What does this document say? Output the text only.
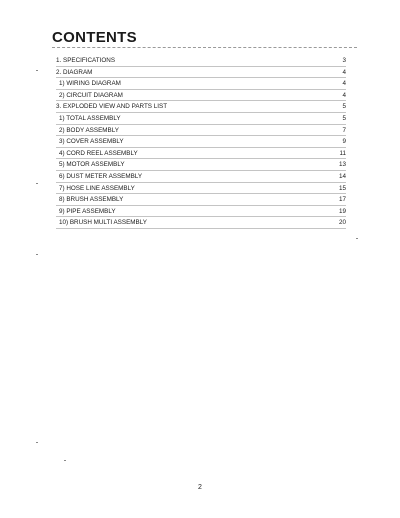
CONTENTS
1. SPECIFICATIONS	3
2. DIAGRAM	4
1) WIRING DIAGRAM	4
2) CIRCUIT DIAGRAM	4
3. EXPLODED VIEW AND PARTS LIST	5
1) TOTAL ASSEMBLY	5
2) BODY ASSEMBLY	7
3) COVER ASSEMBLY	9
4) CORD REEL ASSEMBLY	11
5) MOTOR ASSEMBLY	13
6) DUST METER ASSEMBLY	14
7) HOSE LINE ASSEMBLY	15
8) BRUSH ASSEMBLY	17
9) PIPE ASSEMBLY	19
10) BRUSH MULTI ASSEMBLY	20
2
